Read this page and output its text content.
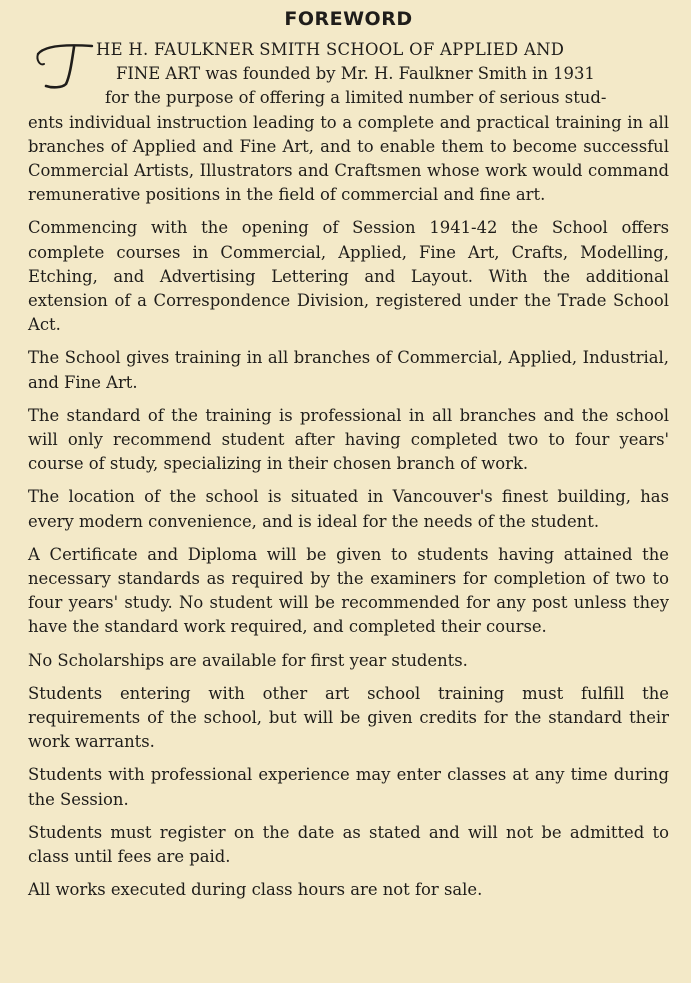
FOREWORD
HE H. FAULKNER SMITH SCHOOL OF APPLIED AND
FINE ART was founded by Mr. H. Faulkner Smith in 1931
for the purpose of offering a limited number of serious stud-

ents individual instruction leading to a complete and practical training in all branches of Applied and Fine Art, and to enable them to become successful Commercial Artists, Illustrators and Craftsmen whose work would command remunerative positions in the field of commercial and fine art.

Commencing with the opening of Session 1941-42 the School offers complete courses in Commercial, Applied, Fine Art, Crafts, Modelling, Etching, and Advertising Lettering and Layout. With the additional extension of a Correspondence Division, registered under the Trade School Act.

The School gives training in all branches of Commercial, Applied, Industrial, and Fine Art.

The standard of the training is professional in all branches and the school will only recommend student after having completed two to four years' course of study, specializing in their chosen branch of work.

The location of the school is situated in Vancouver's finest building, has every modern convenience, and is ideal for the needs of the student.

A Certificate and Diploma will be given to students having attained the necessary standards as required by the examiners for completion of two to four years' study. No student will be recommended for any post unless they have the standard work required, and completed their course.

No Scholarships are available for first year students.

Students entering with other art school training must fulfill the requirements of the school, but will be given credits for the standard their work warrants.

Students with professional experience may enter classes at any time during the Session.

Students must register on the date as stated and will not be admitted to class until fees are paid.

All works executed during class hours are not for sale.
